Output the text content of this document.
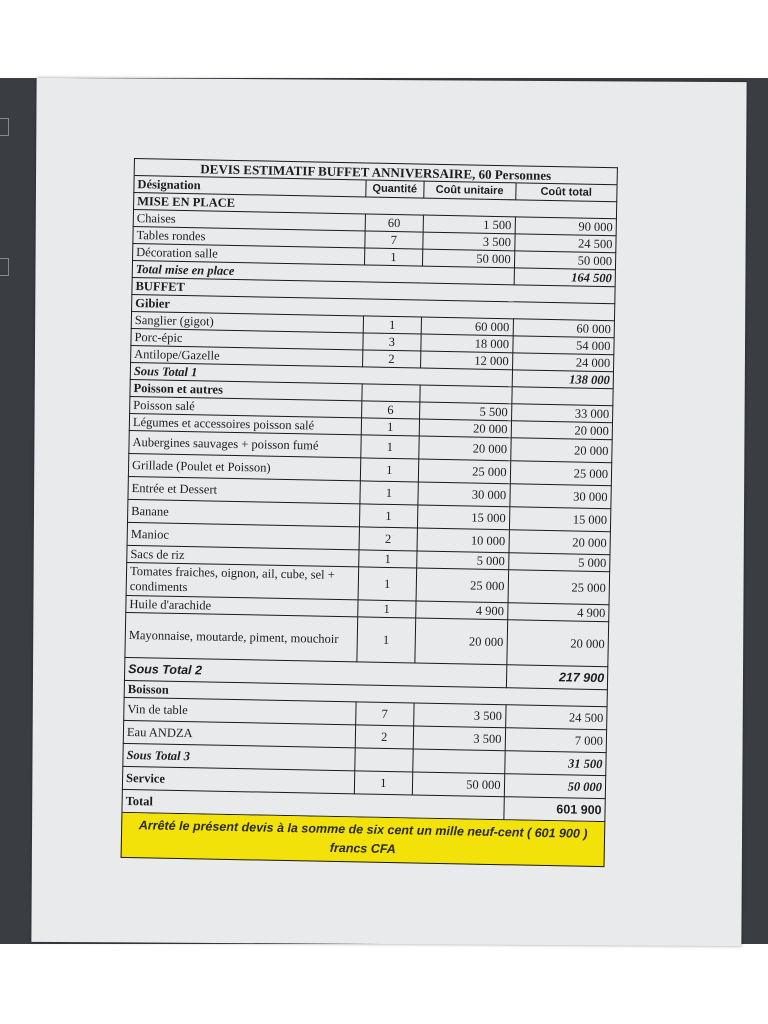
DEVIS ESTIMATIF BUFFET ANNIVERSAIRE, 60 Personnes			
Désignation	Quantité	Coût unitaire	Coût total
MISE EN PLACE			
Chaises	60	1 500	90 000
Tables rondes	7	3 500	24 500
Décoration salle	1	50 000	50 000
Total mise en place			164 500
BUFFET			
Gibier			
Sanglier (gigot)	1	60 000	60 000
Porc-épic	3	18 000	54 000
Antilope/Gazelle	2	12 000	24 000
Sous Total 1			138 000
Poisson et autres			
Poisson salé	6	5 500	33 000
Légumes et accessoires poisson salé	1	20 000	20 000
Aubergines sauvages + poisson fumé	1	20 000	20 000
Grillade (Poulet et Poisson)	1	25 000	25 000
Entrée et Dessert	1	30 000	30 000
Banane	1	15 000	15 000
Manioc	2	10 000	20 000
Sacs de riz	1	5 000	5 000
Tomates fraiches, oignon, ail, cube, sel + condiments	1	25 000	25 000
Huile d'arachide	1	4 900	4 900
Mayonnaise, moutarde, piment, mouchoir	1	20 000	20 000
Sous Total 2			217 900
Boisson			
Vin de table	7	3 500	24 500
Eau ANDZA	2	3 500	7 000
Sous Total 3			31 500
Service	1	50 000	50 000
Total			601 900
Arrêté le présent devis à la somme de six cent un mille neuf-cent ( 601 900 ) francs CFA
